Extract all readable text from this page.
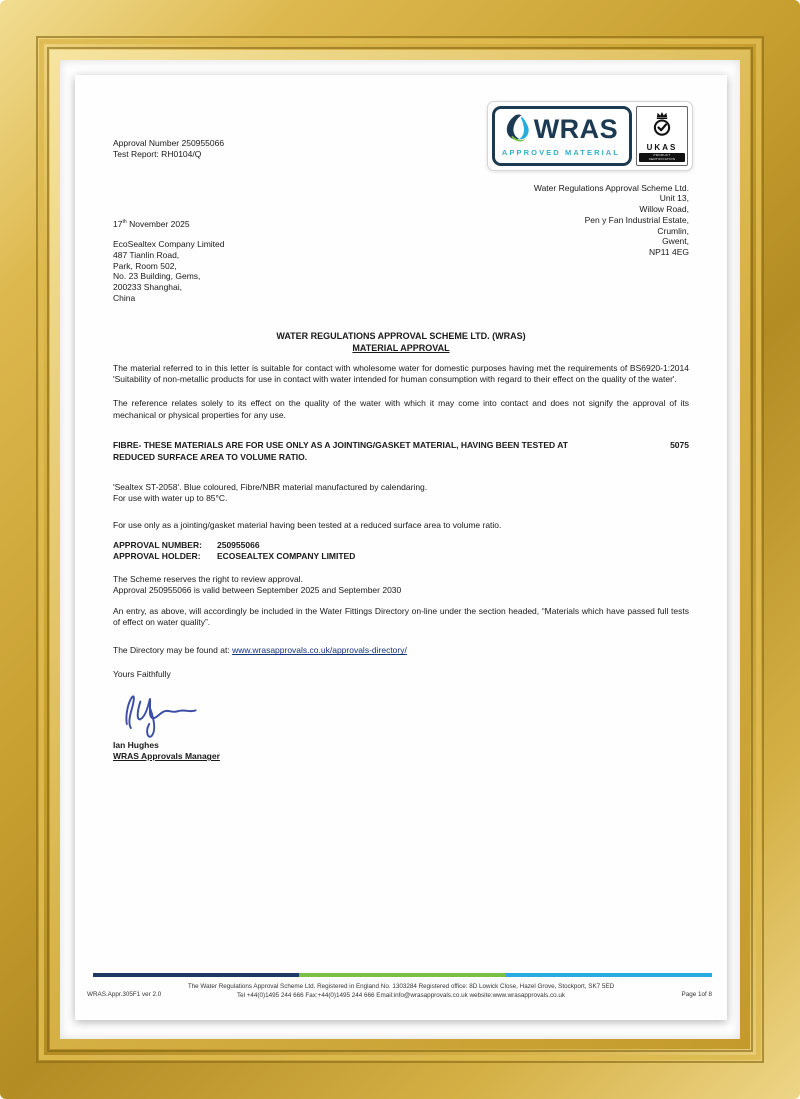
WRAS
APPROVED MATERIAL
UKAS
PRODUCT CERTIFICATION
Approval Number 250955066
Test Report: RH0104/Q
17th November 2025
EcoSealtex Company Limited
487 Tianlin Road,
Park, Room 502,
No. 23 Building, Gems,
200233 Shanghai,
China
Water Regulations Approval Scheme Ltd.
Unit 13,
Willow Road,
Pen y Fan Industrial Estate,
Crumlin,
Gwent,
NP11 4EG
WATER REGULATIONS APPROVAL SCHEME LTD. (WRAS)
MATERIAL APPROVAL
The material referred to in this letter is suitable for contact with wholesome water for domestic purposes having met the requirements of BS6920-1:2014 'Suitability of non-metallic products for use in contact with water intended for human consumption with regard to their effect on the quality of the water'.
The reference relates solely to its effect on the quality of the water with which it may come into contact and does not signify the approval of its mechanical or physical properties for any use.
FIBRE- THESE MATERIALS ARE FOR USE ONLY AS A JOINTING/GASKET MATERIAL, HAVING BEEN TESTED AT	5075
REDUCED SURFACE AREA TO VOLUME RATIO.
'Sealtex ST-2058'. Blue coloured, Fibre/NBR material manufactured by calendaring.
For use with water up to 85°C.
For use only as a jointing/gasket material having been tested at a reduced surface area to volume ratio.
APPROVAL NUMBER:	250955066
APPROVAL HOLDER:	ECOSEALTEX COMPANY LIMITED
The Scheme reserves the right to review approval.
Approval 250955066 is valid between September 2025 and September 2030
An entry, as above, will accordingly be included in the Water Fittings Directory on-line under the section headed, “Materials which have passed full tests of effect on water quality”.
The Directory may be found at: www.wrasapprovals.co.uk/approvals-directory/
Yours Faithfully
Ian Hughes
WRAS Approvals Manager
The Water Regulations Approval Scheme Ltd. Registered in England No. 1303284 Registered office: 8D Lowick Close, Hazel Grove, Stockport, SK7 5ED
Tel +44(0)1495 244 666 Fax:+44(0)1495 244 666 Email:info@wrasapprovals.co.uk website:www.wrasapprovals.co.uk
WRAS.Appr.305F1 ver 2.0	Page 1of 8
